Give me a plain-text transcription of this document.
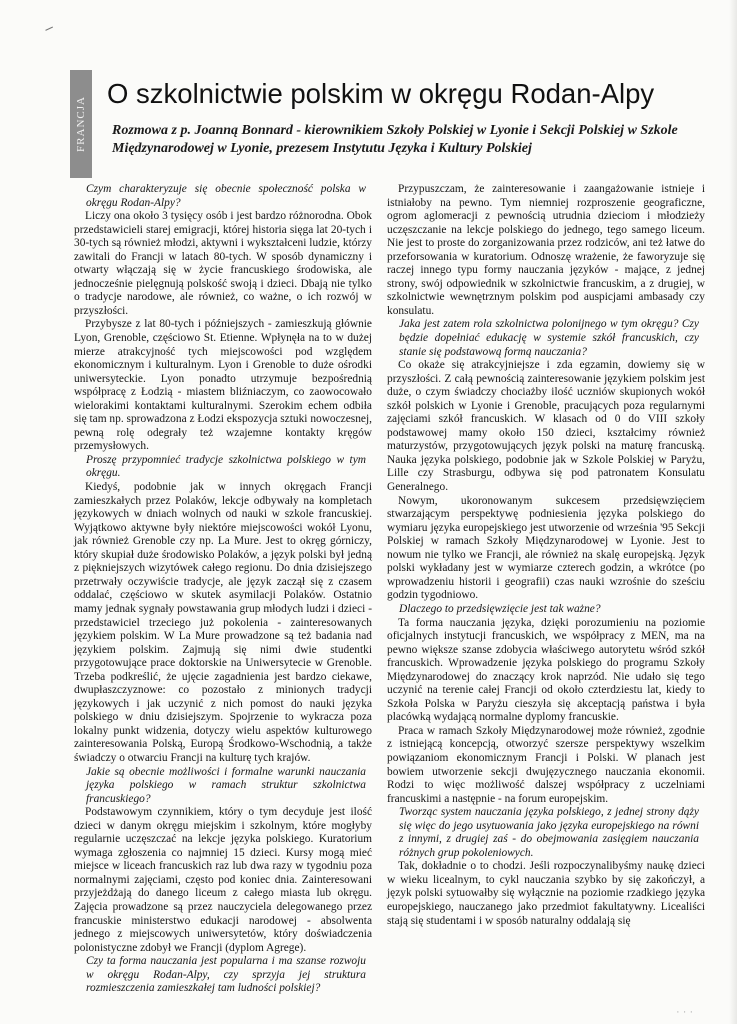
FRANCJA
O szkolnictwie polskim w okręgu Rodan-Alpy

Rozmowa z p. Joanną Bonnard - kierownikiem Szkoły Polskiej w Lyonie i Sekcji Polskiej w Szkole Międzynarodowej w Lyonie, prezesem Instytutu Języka i Kultury Polskiej

Czym charakteryzuje się obecnie społeczność polska w okręgu Rodan-Alpy?

Liczy ona około 3 tysięcy osób i jest bardzo różnorodna. Obok przedstawicieli starej emigracji, której historia sięga lat 20-tych i 30-tych są również młodzi, aktywni i wykształceni ludzie, którzy zawitali do Francji w latach 80-tych. W sposób dynamiczny i otwarty włączają się w życie francuskiego środowiska, ale jednocześnie pielęgnują polskość swoją i dzieci. Dbają nie tylko o tradycje narodowe, ale również, co ważne, o ich rozwój w przyszłości.

Przybysze z lat 80-tych i późniejszych - zamieszkują głównie Lyon, Grenoble, częściowo St. Etienne. Wpłynęła na to w dużej mierze atrakcyjność tych miejscowości pod względem ekonomicznym i kulturalnym. Lyon i Grenoble to duże ośrodki uniwersyteckie. Lyon ponadto utrzymuje bezpośrednią współpracę z Łodzią - miastem bliźniaczym, co zaowocowało wielorakimi kontaktami kulturalnymi. Szerokim echem odbiła się tam np. sprowadzona z Łodzi ekspozycja sztuki nowoczesnej, pewną rolę odegrały też wzajemne kontakty kręgów przemysłowych.

Proszę przypomnieć tradycje szkolnictwa polskiego w tym okręgu.

Kiedyś, podobnie jak w innych okręgach Francji zamieszkałych przez Polaków, lekcje odbywały na kompletach językowych w dniach wolnych od nauki w szkole francuskiej. Wyjątkowo aktywne były niektóre miejscowości wokół Lyonu, jak również Grenoble czy np. La Mure. Jest to okręg górniczy, który skupiał duże środowisko Polaków, a język polski był jedną z piękniejszych wizytówek całego regionu. Do dnia dzisiejszego przetrwały oczywiście tradycje, ale język zaczął się z czasem oddalać, częściowo w skutek asymilacji Polaków. Ostatnio mamy jednak sygnały powstawania grup młodych ludzi i dzieci - przedstawiciel trzeciego już pokolenia - zainteresowanych językiem polskim. W La Mure prowadzone są też badania nad językiem polskim. Zajmują się nimi dwie studentki przygotowujące prace doktorskie na Uniwersytecie w Grenoble. Trzeba podkreślić, że ujęcie zagadnienia jest bardzo ciekawe, dwupłaszczyznowe: co pozostało z minionych tradycji językowych i jak uczynić z nich pomost do nauki języka polskiego w dniu dzisiejszym. Spojrzenie to wykracza poza lokalny punkt widzenia, dotyczy wielu aspektów kulturowego zainteresowania Polską, Europą Środkowo-Wschodnią, a także świadczy o otwarciu Francji na kulturę tych krajów.

Jakie są obecnie możliwości i formalne warunki nauczania języka polskiego w ramach struktur szkolnictwa francuskiego?

Podstawowym czynnikiem, który o tym decyduje jest ilość dzieci w danym okręgu miejskim i szkolnym, które mogłyby regularnie uczęszczać na lekcje języka polskiego. Kuratorium wymaga zgłoszenia co najmniej 15 dzieci. Kursy mogą mieć miejsce w liceach francuskich raz lub dwa razy w tygodniu poza normalnymi zajęciami, często pod koniec dnia. Zainteresowani przyjeżdżają do danego liceum z całego miasta lub okręgu. Zajęcia prowadzone są przez nauczyciela delegowanego przez francuskie ministerstwo edukacji narodowej - absolwenta jednego z miejscowych uniwersytetów, który doświadczenia polonistyczne zdobył we Francji (dyplom Agrege).

Czy ta forma nauczania jest popularna i ma szanse rozwoju w okręgu Rodan-Alpy, czy sprzyja jej struktura rozmieszczenia zamieszkałej tam ludności polskiej?

Przypuszczam, że zainteresowanie i zaangażowanie istnieje i istniałoby na pewno. Tym niemniej rozproszenie geograficzne, ogrom aglomeracji z pewnością utrudnia dzieciom i młodzieży uczęszczanie na lekcje polskiego do jednego, tego samego liceum. Nie jest to proste do zorganizowania przez rodziców, ani też łatwe do przeforsowania w kuratorium. Odnoszę wrażenie, że faworyzuje się raczej innego typu formy nauczania języków - mające, z jednej strony, swój odpowiednik w szkolnictwie francuskim, a z drugiej, w szkolnictwie wewnętrznym polskim pod auspicjami ambasady czy konsulatu.

Jaka jest zatem rola szkolnictwa polonijnego w tym okręgu? Czy będzie dopełniać edukację w systemie szkół francuskich, czy stanie się podstawową formą nauczania?

Co okaże się atrakcyjniejsze i zda egzamin, dowiemy się w przyszłości. Z całą pewnością zainteresowanie językiem polskim jest duże, o czym świadczy chociażby ilość uczniów skupionych wokół szkół polskich w Lyonie i Grenoble, pracujących poza regularnymi zajęciami szkół francuskich. W klasach od 0 do VIII szkoły podstawowej mamy około 150 dzieci, kształcimy również maturzystów, przygotowujących język polski na maturę francuską. Nauka języka polskiego, podobnie jak w Szkole Polskiej w Paryżu, Lille czy Strasburgu, odbywa się pod patronatem Konsulatu Generalnego.

Nowym, ukoronowanym sukcesem przedsięwzięciem stwarzającym perspektywę podniesienia języka polskiego do wymiaru języka europejskiego jest utworzenie od września '95 Sekcji Polskiej w ramach Szkoły Międzynarodowej w Lyonie. Jest to nowum nie tylko we Francji, ale również na skalę europejską. Język polski wykładany jest w wymiarze czterech godzin, a wkrótce (po wprowadzeniu historii i geografii) czas nauki wzrośnie do sześciu godzin tygodniowo.

Dlaczego to przedsięwzięcie jest tak ważne?

Ta forma nauczania języka, dzięki porozumieniu na poziomie oficjalnych instytucji francuskich, we współpracy z MEN, ma na pewno większe szanse zdobycia właściwego autorytetu wśród szkół francuskich. Wprowadzenie języka polskiego do programu Szkoły Międzynarodowej do znaczący krok naprzód. Nie udało się tego uczynić na terenie całej Francji od około czterdziestu lat, kiedy to Szkoła Polska w Paryżu cieszyła się akceptacją państwa i była placówką wydającą normalne dyplomy francuskie.

Praca w ramach Szkoły Międzynarodowej może również, zgodnie z istniejącą koncepcją, otworzyć szersze perspektywy wszelkim powiązaniom ekonomicznym Francji i Polski. W planach jest bowiem utworzenie sekcji dwujęzycznego nauczania ekonomii. Rodzi to więc możliwość dalszej współpracy z uczelniami francuskimi a następnie - na forum europejskim.

Tworząc system nauczania języka polskiego, z jednej strony dąży się więc do jego usytuowania jako języka europejskiego na równi z innymi, z drugiej zaś - do obejmowania zasięgiem nauczania różnych grup pokoleniowych.

Tak, dokładnie o to chodzi. Jeśli rozpoczynalibyśmy naukę dzieci w wieku licealnym, to cykl nauczania szybko by się zakończył, a język polski sytuowałby się wyłącznie na poziomie rzadkiego języka europejskiego, nauczanego jako przedmiot fakultatywny. Licealiści stają się studentami i w sposób naturalny oddalają się

· · ·
